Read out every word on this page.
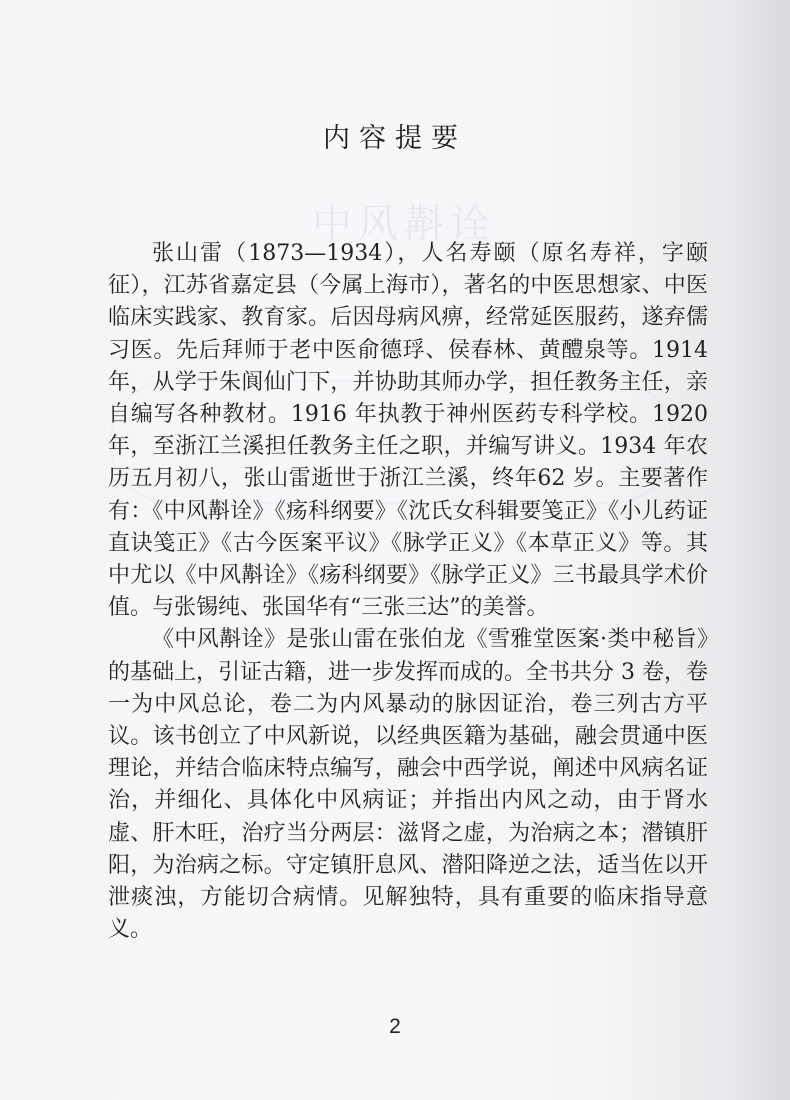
中风斠诠
内容提要

张山雷（1873—1934），人名寿颐（原名寿祥，字颐征），江苏省嘉定县（今属上海市），著名的中医思想家、中医临床实践家、教育家。后因母病风痹，经常延医服药，遂弃儒习医。先后拜师于老中医俞德琈、侯春林、黄醴泉等。1914 年，从学于朱阆仙门下，并协助其师办学，担任教务主任，亲自编写各种教材。1916 年执教于神州医药专科学校。1920 年，至浙江兰溪担任教务主任之职，并编写讲义。1934 年农历五月初八，张山雷逝世于浙江兰溪，终年62 岁。主要著作有：《中风斠诠》《疡科纲要》《沈氏女科辑要笺正》《小儿药证直诀笺正》《古今医案平议》《脉学正义》《本草正义》等。其中尤以《中风斠诠》《疡科纲要》《脉学正义》三书最具学术价值。与张锡纯、张国华有“三张三达”的美誉。

《中风斠诠》是张山雷在张伯龙《雪雅堂医案·类中秘旨》的基础上，引证古籍，进一步发挥而成的。全书共分 3 卷，卷一为中风总论，卷二为内风暴动的脉因证治，卷三列古方平议。该书创立了中风新说，以经典医籍为基础，融会贯通中医理论，并结合临床特点编写，融会中西学说，阐述中风病名证治，并细化、具体化中风病证；并指出内风之动，由于肾水虚、肝木旺，治疗当分两层：滋肾之虚，为治病之本；潜镇肝阳，为治病之标。守定镇肝息风、潜阳降逆之法，适当佐以开泄痰浊，方能切合病情。见解独特，具有重要的临床指导意义。

2
